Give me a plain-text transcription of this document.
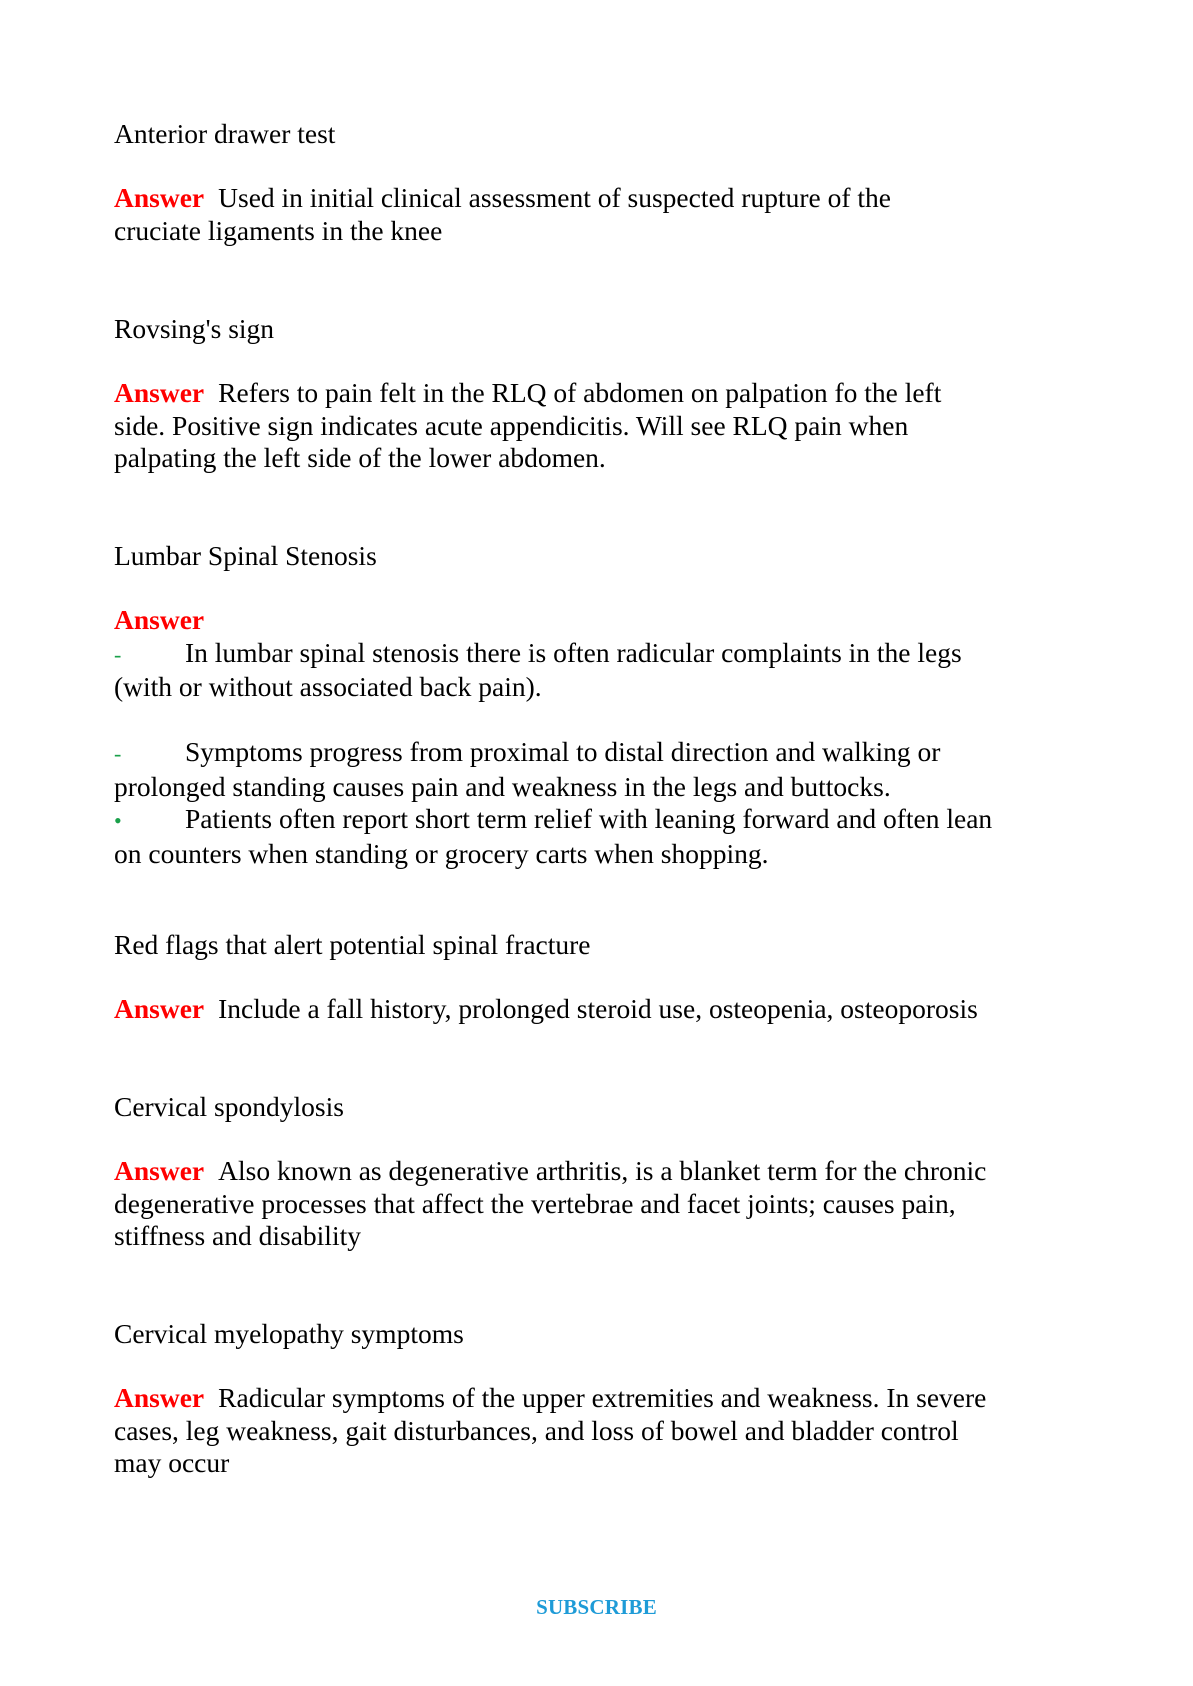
Anterior drawer test

Answer Used in initial clinical assessment of suspected rupture of the
cruciate ligaments in the knee

Rovsing's sign

Answer Refers to pain felt in the RLQ of abdomen on palpation fo the left
side. Positive sign indicates acute appendicitis. Will see RLQ pain when
palpating the left side of the lower abdomen.

Lumbar Spinal Stenosis

Answer
- In lumbar spinal stenosis there is often radicular complaints in the legs
(with or without associated back pain).
- Symptoms progress from proximal to distal direction and walking or
prolonged standing causes pain and weakness in the legs and buttocks.
• Patients often report short term relief with leaning forward and often lean
on counters when standing or grocery carts when shopping.

Red flags that alert potential spinal fracture

Answer Include a fall history, prolonged steroid use, osteopenia, osteoporosis

Cervical spondylosis

Answer Also known as degenerative arthritis, is a blanket term for the chronic
degenerative processes that affect the vertebrae and facet joints; causes pain,
stiffness and disability

Cervical myelopathy symptoms

Answer Radicular symptoms of the upper extremities and weakness. In severe
cases, leg weakness, gait disturbances, and loss of bowel and bladder control
may occur
SUBSCRIBE
